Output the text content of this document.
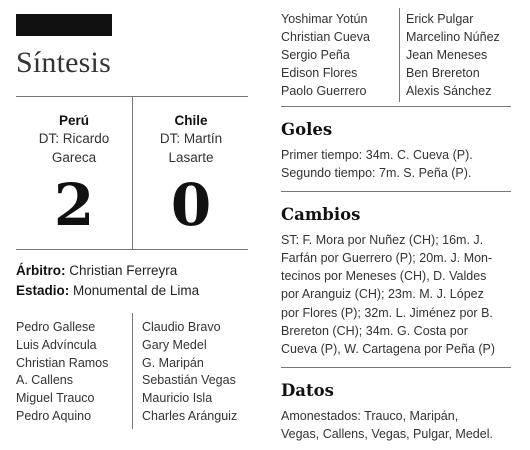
Síntesis
Perú
DT: Ricardo
Gareca
2
Chile
DT: Martín
Lasarte
0
Árbitro: Christian Ferreyra
Estadio: Monumental de Lima
Pedro Gallese
Luis Advíncula
Christian Ramos
A. Callens
Miguel Trauco
Pedro Aquino
Claudio Bravo
Gary Medel
G. Maripán
Sebastián Vegas
Mauricio Isla
Charles Aránguiz
Yoshimar Yotún
Christian Cueva
Sergio Peña
Edison Flores
Paolo Guerrero
Erick Pulgar
Marcelino Núñez
Jean Meneses
Ben Brereton
Alexis Sánchez
Goles
Primer tiempo: 34m. C. Cueva (P).
Segundo tiempo: 7m. S. Peña (P).
Cambios
ST: F. Mora por Nuñez (CH); 16m. J.
Farfán por Guerrero (P); 20m. J. Mon-
tecinos por Meneses (CH), D. Valdes
por Aranguiz (CH); 23m. M. J. López
por Flores (P); 32m. L. Jiménez por B.
Brereton (CH); 34m. G. Costa por
Cueva (P), W. Cartagena por Peña (P)
Datos
Amonestados: Trauco, Maripán,
Vegas, Callens, Vegas, Pulgar, Medel.
